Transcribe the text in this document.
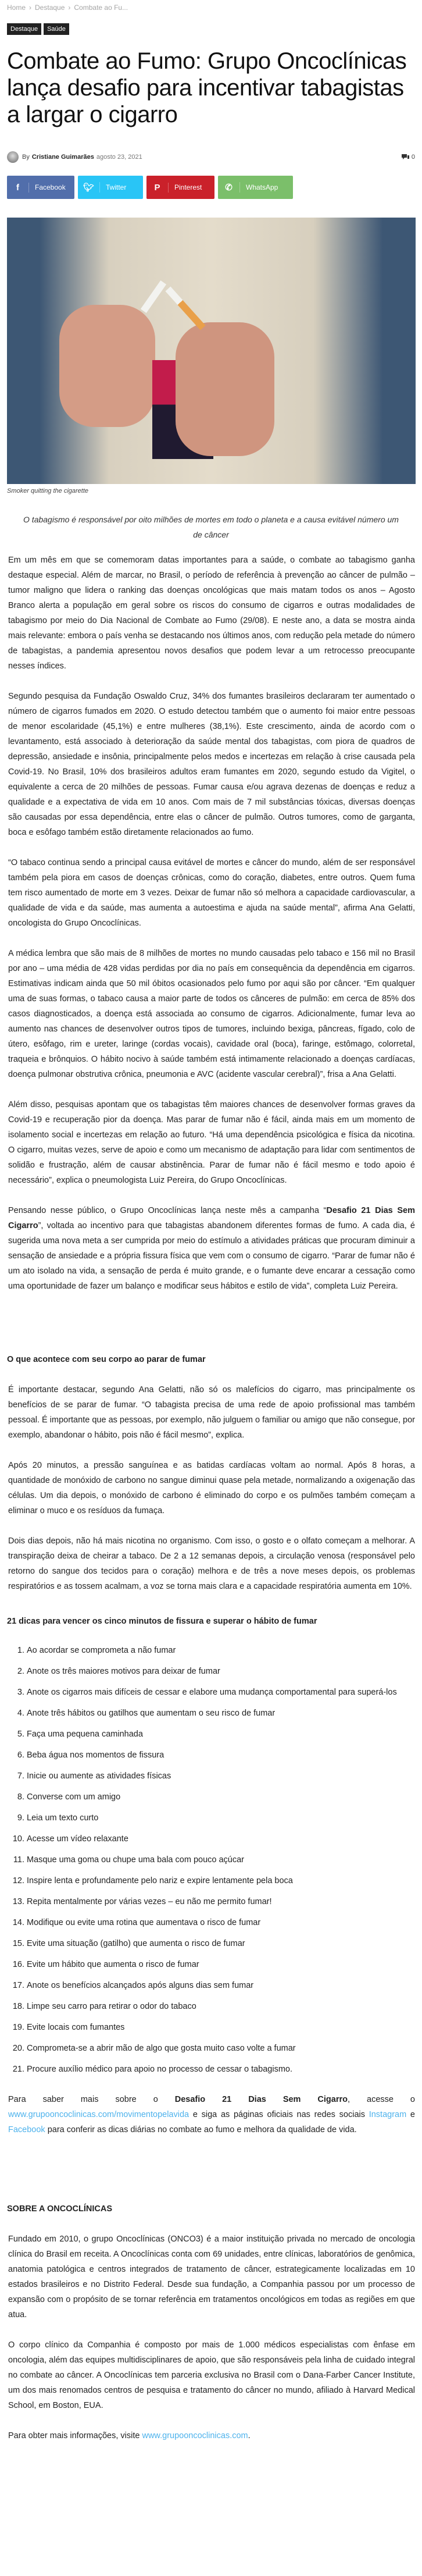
Home › Destaque › Combate ao Fu...
Destaque	Saúde
Combate ao Fumo: Grupo Oncoclínicas lança desafio para incentivar tabagistas a largar o cigarro
By Cristiane Guimarães agosto 23, 2021	0
f	Facebook	🐦︎	Twitter	P	Pinterest	✆	WhatsApp
Smoker quitting the cigarette
O tabagismo é responsável por oito milhões de mortes em todo o planeta e a causa evitável número um de câncer

Em um mês em que se comemoram datas importantes para a saúde, o combate ao tabagismo ganha destaque especial. Além de marcar, no Brasil, o período de referência à prevenção ao câncer de pulmão – tumor maligno que lidera o ranking das doenças oncológicas que mais matam todos os anos – Agosto Branco alerta a população em geral sobre os riscos do consumo de cigarros e outras modalidades de tabagismo por meio do Dia Nacional de Combate ao Fumo (29/08). E neste ano, a data se mostra ainda mais relevante: embora o país venha se destacando nos últimos anos, com redução pela metade do número de tabagistas, a pandemia apresentou novos desafios que podem levar a um retrocesso preocupante nesses índices.

Segundo pesquisa da Fundação Oswaldo Cruz, 34% dos fumantes brasileiros declararam ter aumentado o número de cigarros fumados em 2020. O estudo detectou também que o aumento foi maior entre pessoas de menor escolaridade (45,1%) e entre mulheres (38,1%). Este crescimento, ainda de acordo com o levantamento, está associado à deterioração da saúde mental dos tabagistas, com piora de quadros de depressão, ansiedade e insônia, principalmente pelos medos e incertezas em relação à crise causada pela Covid-19. No Brasil, 10% dos brasileiros adultos eram fumantes em 2020, segundo estudo da Vigitel, o equivalente a cerca de 20 milhões de pessoas. Fumar causa e/ou agrava dezenas de doenças e reduz a qualidade e a expectativa de vida em 10 anos. Com mais de 7 mil substâncias tóxicas, diversas doenças são causadas por essa dependência, entre elas o câncer de pulmão. Outros tumores, como de garganta, boca e esôfago também estão diretamente relacionados ao fumo.

“O tabaco continua sendo a principal causa evitável de mortes e câncer do mundo, além de ser responsável também pela piora em casos de doenças crônicas, como do coração, diabetes, entre outros. Quem fuma tem risco aumentado de morte em 3 vezes. Deixar de fumar não só melhora a capacidade cardiovascular, a qualidade de vida e da saúde, mas aumenta a autoestima e ajuda na saúde mental”, afirma Ana Gelatti, oncologista do Grupo Oncoclínicas.

A médica lembra que são mais de 8 milhões de mortes no mundo causadas pelo tabaco e 156 mil no Brasil por ano – uma média de 428 vidas perdidas por dia no país em consequência da dependência em cigarros. Estimativas indicam ainda que 50 mil óbitos ocasionados pelo fumo por aqui são por câncer. “Em qualquer uma de suas formas, o tabaco causa a maior parte de todos os cânceres de pulmão: em cerca de 85% dos casos diagnosticados, a doença está associada ao consumo de cigarros. Adicionalmente, fumar leva ao aumento nas chances de desenvolver outros tipos de tumores, incluindo bexiga, pâncreas, fígado, colo de útero, esôfago, rim e ureter, laringe (cordas vocais), cavidade oral (boca), faringe, estômago, colorretal, traqueia e brônquios. O hábito nocivo à saúde também está intimamente relacionado a doenças cardíacas, doença pulmonar obstrutiva crônica, pneumonia e AVC (acidente vascular cerebral)”, frisa a Ana Gelatti.

Além disso, pesquisas apontam que os tabagistas têm maiores chances de desenvolver formas graves da Covid-19 e recuperação pior da doença. Mas parar de fumar não é fácil, ainda mais em um momento de isolamento social e incertezas em relação ao futuro. “Há uma dependência psicológica e física da nicotina. O cigarro, muitas vezes, serve de apoio e como um mecanismo de adaptação para lidar com sentimentos de solidão e frustração, além de causar abstinência. Parar de fumar não é fácil mesmo e todo apoio é necessário”, explica o pneumologista Luiz Pereira, do Grupo Oncoclínicas.

Pensando nesse público, o Grupo Oncoclínicas lança neste mês a campanha “Desafio 21 Dias Sem Cigarro”, voltada ao incentivo para que tabagistas abandonem diferentes formas de fumo. A cada dia, é sugerida uma nova meta a ser cumprida por meio do estímulo a atividades práticas que procuram diminuir a sensação de ansiedade e a própria fissura física que vem com o consumo de cigarro. “Parar de fumar não é um ato isolado na vida, a sensação de perda é muito grande, e o fumante deve encarar a cessação como uma oportunidade de fazer um balanço e modificar seus hábitos e estilo de vida”, completa Luiz Pereira.

O que acontece com seu corpo ao parar de fumar

É importante destacar, segundo Ana Gelatti, não só os malefícios do cigarro, mas principalmente os benefícios de se parar de fumar. “O tabagista precisa de uma rede de apoio profissional mas também pessoal. É importante que as pessoas, por exemplo, não julguem o familiar ou amigo que não consegue, por exemplo, abandonar o hábito, pois não é fácil mesmo”, explica.

Após 20 minutos, a pressão sanguínea e as batidas cardíacas voltam ao normal. Após 8 horas, a quantidade de monóxido de carbono no sangue diminui quase pela metade, normalizando a oxigenação das células. Um dia depois, o monóxido de carbono é eliminado do corpo e os pulmões também começam a eliminar o muco e os resíduos da fumaça.

Dois dias depois, não há mais nicotina no organismo. Com isso, o gosto e o olfato começam a melhorar. A transpiração deixa de cheirar a tabaco. De 2 a 12 semanas depois, a circulação venosa (responsável pelo retorno do sangue dos tecidos para o coração) melhora e de três a nove meses depois, os problemas respiratórios e as tossem acalmam, a voz se torna mais clara e a capacidade respiratória aumenta em 10%.

21 dicas para vencer os cinco minutos de fissura e superar o hábito de fumar
1. Ao acordar se comprometa a não fumar
2. Anote os três maiores motivos para deixar de fumar
3. Anote os cigarros mais difíceis de cessar e elabore uma mudança comportamental para superá-los
4. Anote três hábitos ou gatilhos que aumentam o seu risco de fumar
5. Faça uma pequena caminhada
6. Beba água nos momentos de fissura
7. Inicie ou aumente as atividades físicas
8. Converse com um amigo
9. Leia um texto curto
10. Acesse um vídeo relaxante
11. Masque uma goma ou chupe uma bala com pouco açúcar
12. Inspire lenta e profundamente pelo nariz e expire lentamente pela boca
13. Repita mentalmente por várias vezes – eu não me permito fumar!
14. Modifique ou evite uma rotina que aumentava o risco de fumar
15. Evite uma situação (gatilho) que aumenta o risco de fumar
16. Evite um hábito que aumenta o risco de fumar
17. Anote os benefícios alcançados após alguns dias sem fumar
18. Limpe seu carro para retirar o odor do tabaco
19. Evite locais com fumantes
20. Comprometa-se a abrir mão de algo que gosta muito caso volte a fumar
21. Procure auxílio médico para apoio no processo de cessar o tabagismo.

Para saber mais sobre o Desafio 21 Dias Sem Cigarro, acesse o www.grupooncoclinicas.com/movimentopelavida e siga as páginas oficiais nas redes sociais Instagram e Facebook para conferir as dicas diárias no combate ao fumo e melhora da qualidade de vida.

SOBRE A ONCOCLÍNICAS

Fundado em 2010, o grupo Oncoclínicas (ONCO3) é a maior instituição privada no mercado de oncologia clínica do Brasil em receita. A Oncoclínicas conta com 69 unidades, entre clínicas, laboratórios de genômica, anatomia patológica e centros integrados de tratamento de câncer, estrategicamente localizadas em 10 estados brasileiros e no Distrito Federal. Desde sua fundação, a Companhia passou por um processo de expansão com o propósito de se tornar referência em tratamentos oncológicos em todas as regiões em que atua.

O corpo clínico da Companhia é composto por mais de 1.000 médicos especialistas com ênfase em oncologia, além das equipes multidisciplinares de apoio, que são responsáveis pela linha de cuidado integral no combate ao câncer. A Oncoclínicas tem parceria exclusiva no Brasil com o Dana-Farber Cancer Institute, um dos mais renomados centros de pesquisa e tratamento do câncer no mundo, afiliado à Harvard Medical School, em Boston, EUA.

Para obter mais informações, visite www.grupooncoclinicas.com.
